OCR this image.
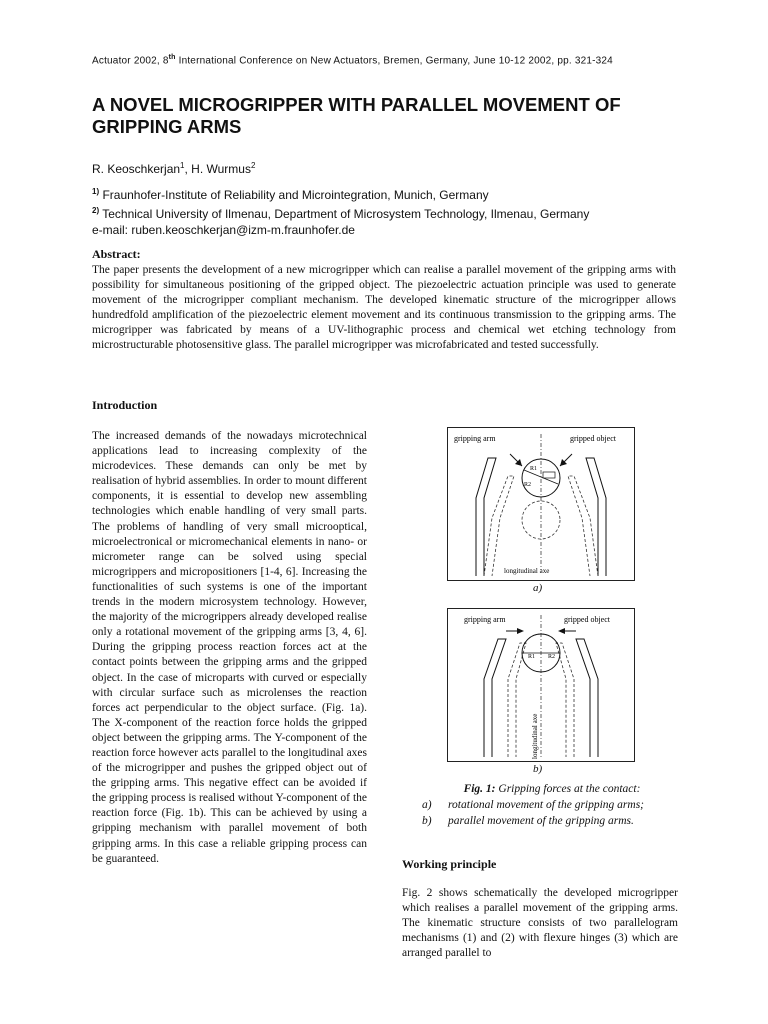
Actuator 2002, 8th International Conference on New Actuators, Bremen, Germany, June 10-12 2002, pp. 321-324
A NOVEL MICROGRIPPER WITH PARALLEL MOVEMENT OF GRIPPING ARMS
R. Keoschkerjan$^1$, H. Wurmus$^2$
$^{1)}$ Fraunhofer-Institute of Reliability and Microintegration, Munich, Germany
$^{2)}$ Technical University of Ilmenau, Department of Microsystem Technology, Ilmenau, Germany
e-mail: ruben.keoschkerjan@izm-m.fraunhofer.de
Abstract:

The paper presents the development of a new microgripper which can realise a parallel movement of the gripping arms with possibility for simultaneous positioning of the gripped object. The piezoelectric actuation principle was used to generate movement of the microgripper compliant mechanism. The developed kinematic structure of the microgripper allows hundredfold amplification of the piezoelectric element movement and its continuous transmission to the gripping arms. The microgripper was fabricated by means of a UV-lithographic process and chemical wet etching technology from microstructurable photosensitive glass. The parallel microgripper was microfabricated and tested successfully.

Introduction

The increased demands of the nowadays microtechnical applications lead to increasing complexity of the microdevices. These demands can only be met by realisation of hybrid assemblies. In order to mount different components, it is essential to develop new assembling technologies which enable handling of very small parts. The problems of handling of very small microoptical, microelectronical or micromechanical elements in nano- or micrometer range can be solved using special microgrippers and micropositioners [1-4, 6]. Increasing the functionalities of such systems is one of the important trends in the modern microsystem technology. However, the majority of the microgrippers already developed realise only a rotational movement of the gripping arms [3, 4, 6]. During the gripping process reaction forces act at the contact points between the gripping arms and the gripped object. In the case of microparts with curved or especially with circular surface such as microlenses the reaction forces act perpendicular to the object surface. (Fig. 1a). The X-component of the reaction force holds the gripped object between the gripping arms. The Y-component of the reaction force however acts parallel to the longitudinal axes of the microgripper and pushes the gripped object out of the gripping arms. This negative effect can be avoided if the gripping process is realised without Y-component of the reaction force (Fig. 1b). This can be achieved by using a gripping mechanism with parallel movement of both gripping arms. In this case a reliable gripping process can be guaranteed.

gripping arm	gripped object
R1
R2
longitudinal axe
a)
gripping arm	gripped object
R1 R2
longitudinal axe
b)
Fig. 1: Gripping forces at the contact:
a) rotational movement of the gripping arms;
b) parallel movement of the gripping arms.
Working principle

Fig. 2 shows schematically the developed microgripper which realises a parallel movement of the gripping arms. The kinematic structure consists of two parallelogram mechanisms (1) and (2) with flexure hinges (3) which are arranged parallel to
